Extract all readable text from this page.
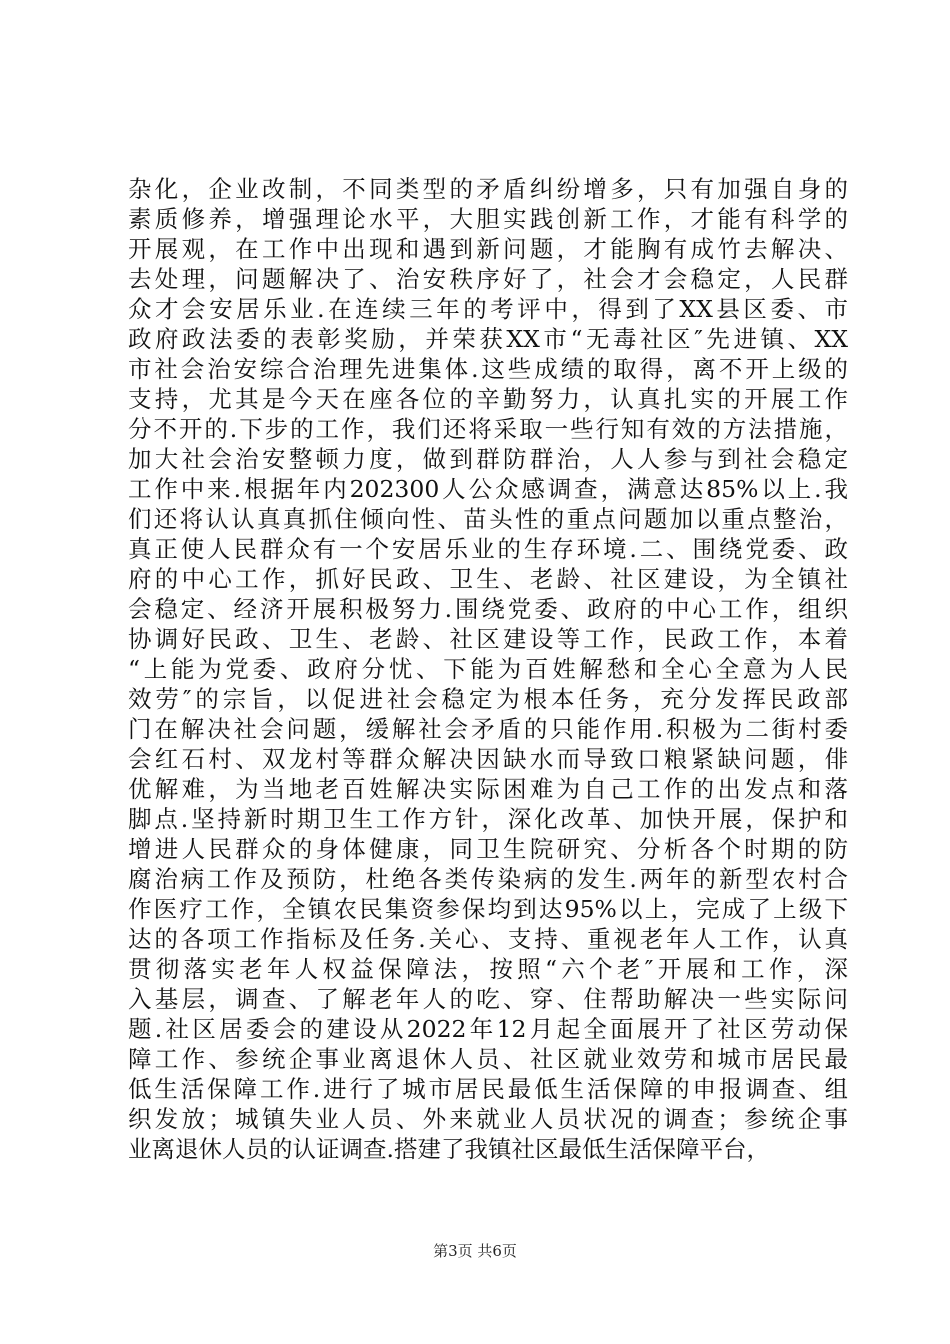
杂化，企业改制，不同类型的矛盾纠纷增多，只有加强自身的
素质修养，增强理论水平，大胆实践创新工作，才能有科学的
开展观，在工作中出现和遇到新问题，才能胸有成竹去解决、
去处理，问题解决了、治安秩序好了，社会才会稳定，人民群
众才会安居乐业.在连续三年的考评中，得到了XX县区委、市
政府政法委的表彰奖励，并荣获XX市“无毒社区″先进镇、XX
市社会治安综合治理先进集体.这些成绩的取得，离不开上级的
支持，尤其是今天在座各位的辛勤努力，认真扎实的开展工作
分不开的.下步的工作，我们还将采取一些行知有效的方法措施，
加大社会治安整顿力度，做到群防群治，人人参与到社会稳定
工作中来.根据年内202300人公众感调查，满意达85%以上.我
们还将认认真真抓住倾向性、苗头性的重点问题加以重点整治，
真正使人民群众有一个安居乐业的生存环境.二、围绕党委、政
府的中心工作，抓好民政、卫生、老龄、社区建设，为全镇社
会稳定、经济开展积极努力.围绕党委、政府的中心工作，组织
协调好民政、卫生、老龄、社区建设等工作，民政工作，本着
“上能为党委、政府分忧、下能为百姓解愁和全心全意为人民
效劳″的宗旨，以促进社会稳定为根本任务，充分发挥民政部
门在解决社会问题，缓解社会矛盾的只能作用.积极为二街村委
会红石村、双龙村等群众解决因缺水而导致口粮紧缺问题，俳
优解难，为当地老百姓解决实际困难为自己工作的出发点和落
脚点.坚持新时期卫生工作方针，深化改革、加快开展，保护和
增进人民群众的身体健康，同卫生院研究、分析各个时期的防
腐治病工作及预防，杜绝各类传染病的发生.两年的新型农村合
作医疗工作，全镇农民集资参保均到达95%以上，完成了上级下
达的各项工作指标及任务.关心、支持、重视老年人工作，认真
贯彻落实老年人权益保障法，按照“六个老″开展和工作，深
入基层，调查、了解老年人的吃、穿、住帮助解决一些实际问
题.社区居委会的建设从2022年12月起全面展开了社区劳动保
障工作、参统企事业离退休人员、社区就业效劳和城市居民最
低生活保障工作.进行了城市居民最低生活保障的申报调查、组
织发放；城镇失业人员、外来就业人员状况的调查；参统企事
业离退休人员的认证调查.搭建了我镇社区最低生活保障平台，
第3页 共6页
